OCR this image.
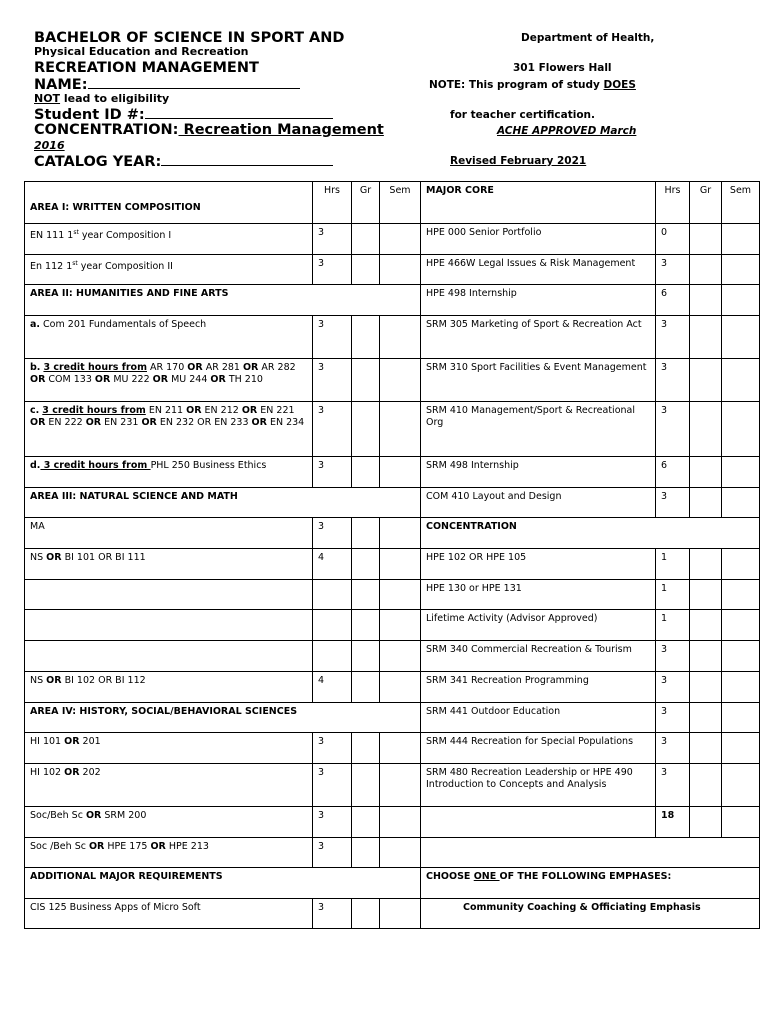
BACHELOR OF SCIENCE IN SPORT AND
Physical Education and Recreation
RECREATION MANAGEMENT
NAME:
NOT lead to eligibility
Student ID #:
CONCENTRATION: Recreation Management
2016
CATALOG YEAR:
Department of Health,
301 Flowers Hall
NOTE: This program of study DOES
for teacher certification.
ACHE APPROVED March
Revised February 2021
AREA I: WRITTEN COMPOSITION	Hrs	Gr	Sem	MAJOR CORE	Hrs	Gr	Sem
EN 111 1st year Composition I	3			HPE 000 Senior Portfolio	0		
En 112 1st year Composition II	3			HPE 466W Legal Issues & Risk Management	3		
AREA II: HUMANITIES AND FINE ARTS				HPE 498 Internship	6		
a. Com 201 Fundamentals of Speech	3			SRM 305 Marketing of Sport & Recreation Act	3		
b. 3 credit hours from AR 170 OR AR 281 OR AR 282 OR COM 133 OR MU 222 OR MU 244 OR TH 210	3			SRM 310 Sport Facilities & Event Management	3		
c. 3 credit hours from EN 211 OR EN 212 OR EN 221 OR EN 222 OR EN 231 OR EN 232 OR EN 233 OR EN 234	3			SRM 410 Management/Sport & Recreational Org	3		
d. 3 credit hours from PHL 250 Business Ethics	3			SRM 498 Internship	6		
AREA III: NATURAL SCIENCE AND MATH				COM 410 Layout and Design	3		
MA	3			CONCENTRATION			
NS OR BI 101 OR BI 111	4			HPE 102 OR HPE 105	1		
				HPE 130 or HPE 131	1		
				Lifetime Activity (Advisor Approved)	1		
				SRM 340 Commercial Recreation & Tourism	3		
NS OR BI 102 OR BI 112	4			SRM 341 Recreation Programming	3		
AREA IV: HISTORY, SOCIAL/BEHAVIORAL SCIENCES				SRM 441 Outdoor Education	3		
HI 101 OR 201	3			SRM 444 Recreation for Special Populations	3		
HI 102 OR 202	3			SRM 480 Recreation Leadership or HPE 490 Introduction to Concepts and Analysis	3		
Soc/Beh Sc OR SRM 200	3				18		
Soc /Beh Sc OR HPE 175 OR HPE 213	3						
ADDITIONAL MAJOR REQUIREMENTS				CHOOSE ONE OF THE FOLLOWING EMPHASES:			
CIS 125 Business Apps of Micro Soft	3			Community Coaching & Officiating Emphasis			
